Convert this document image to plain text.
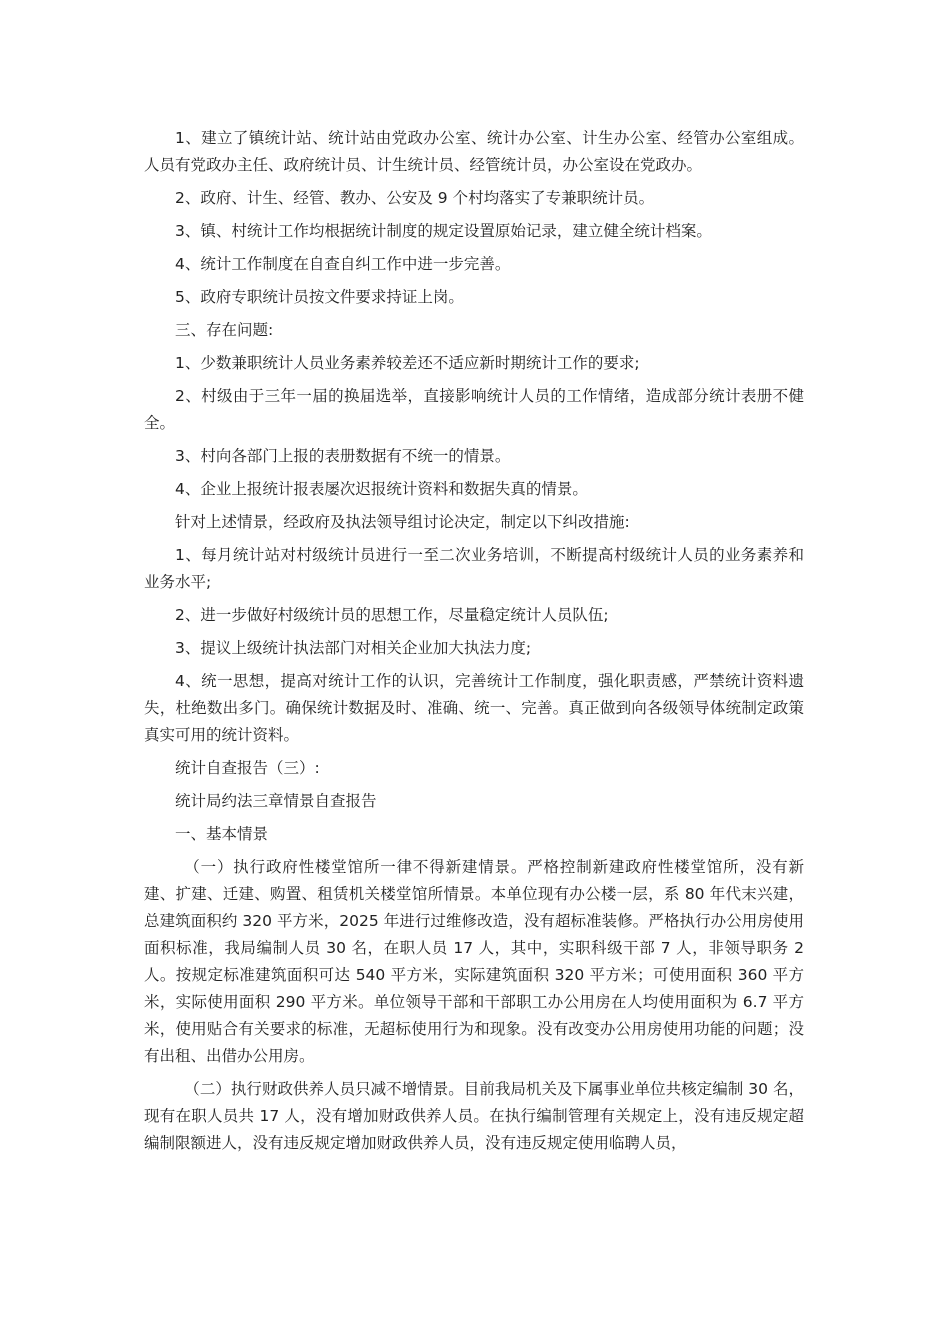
1、建立了镇统计站、统计站由党政办公室、统计办公室、计生办公室、经管办公室组成。人员有党政办主任、政府统计员、计生统计员、经管统计员，办公室设在党政办。

2、政府、计生、经管、教办、公安及 9 个村均落实了专兼职统计员。

3、镇、村统计工作均根据统计制度的规定设置原始记录，建立健全统计档案。

4、统计工作制度在自查自纠工作中进一步完善。

5、政府专职统计员按文件要求持证上岗。

三、存在问题:

1、少数兼职统计人员业务素养较差还不适应新时期统计工作的要求;

2、村级由于三年一届的换届选举，直接影响统计人员的工作情绪，造成部分统计表册不健全。

3、村向各部门上报的表册数据有不统一的情景。

4、企业上报统计报表屡次迟报统计资料和数据失真的情景。

针对上述情景，经政府及执法领导组讨论决定，制定以下纠改措施:

1、每月统计站对村级统计员进行一至二次业务培训，不断提高村级统计人员的业务素养和业务水平;

2、进一步做好村级统计员的思想工作，尽量稳定统计人员队伍;

3、提议上级统计执法部门对相关企业加大执法力度;

4、统一思想，提高对统计工作的认识，完善统计工作制度，强化职责感，严禁统计资料遗失，杜绝数出多门。确保统计数据及时、准确、统一、完善。真正做到向各级领导体统制定政策真实可用的统计资料。

统计自查报告（三）:

统计局约法三章情景自查报告

一、基本情景

（一）执行政府性楼堂馆所一律不得新建情景。严格控制新建政府性楼堂馆所，没有新建、扩建、迁建、购置、租赁机关楼堂馆所情景。本单位现有办公楼一层，系 80 年代末兴建，总建筑面积约 320 平方米，2025 年进行过维修改造，没有超标准装修。严格执行办公用房使用面积标准，我局编制人员 30 名，在职人员 17 人，其中，实职科级干部 7 人，非领导职务 2 人。按规定标准建筑面积可达 540 平方米，实际建筑面积 320 平方米；可使用面积 360 平方米，实际使用面积 290 平方米。单位领导干部和干部职工办公用房在人均使用面积为 6.7 平方米，使用贴合有关要求的标准，无超标使用行为和现象。没有改变办公用房使用功能的问题；没有出租、出借办公用房。

（二）执行财政供养人员只减不增情景。目前我局机关及下属事业单位共核定编制 30 名，现有在职人员共 17 人，没有增加财政供养人员。在执行编制管理有关规定上，没有违反规定超编制限额进人，没有违反规定增加财政供养人员，没有违反规定使用临聘人员，
